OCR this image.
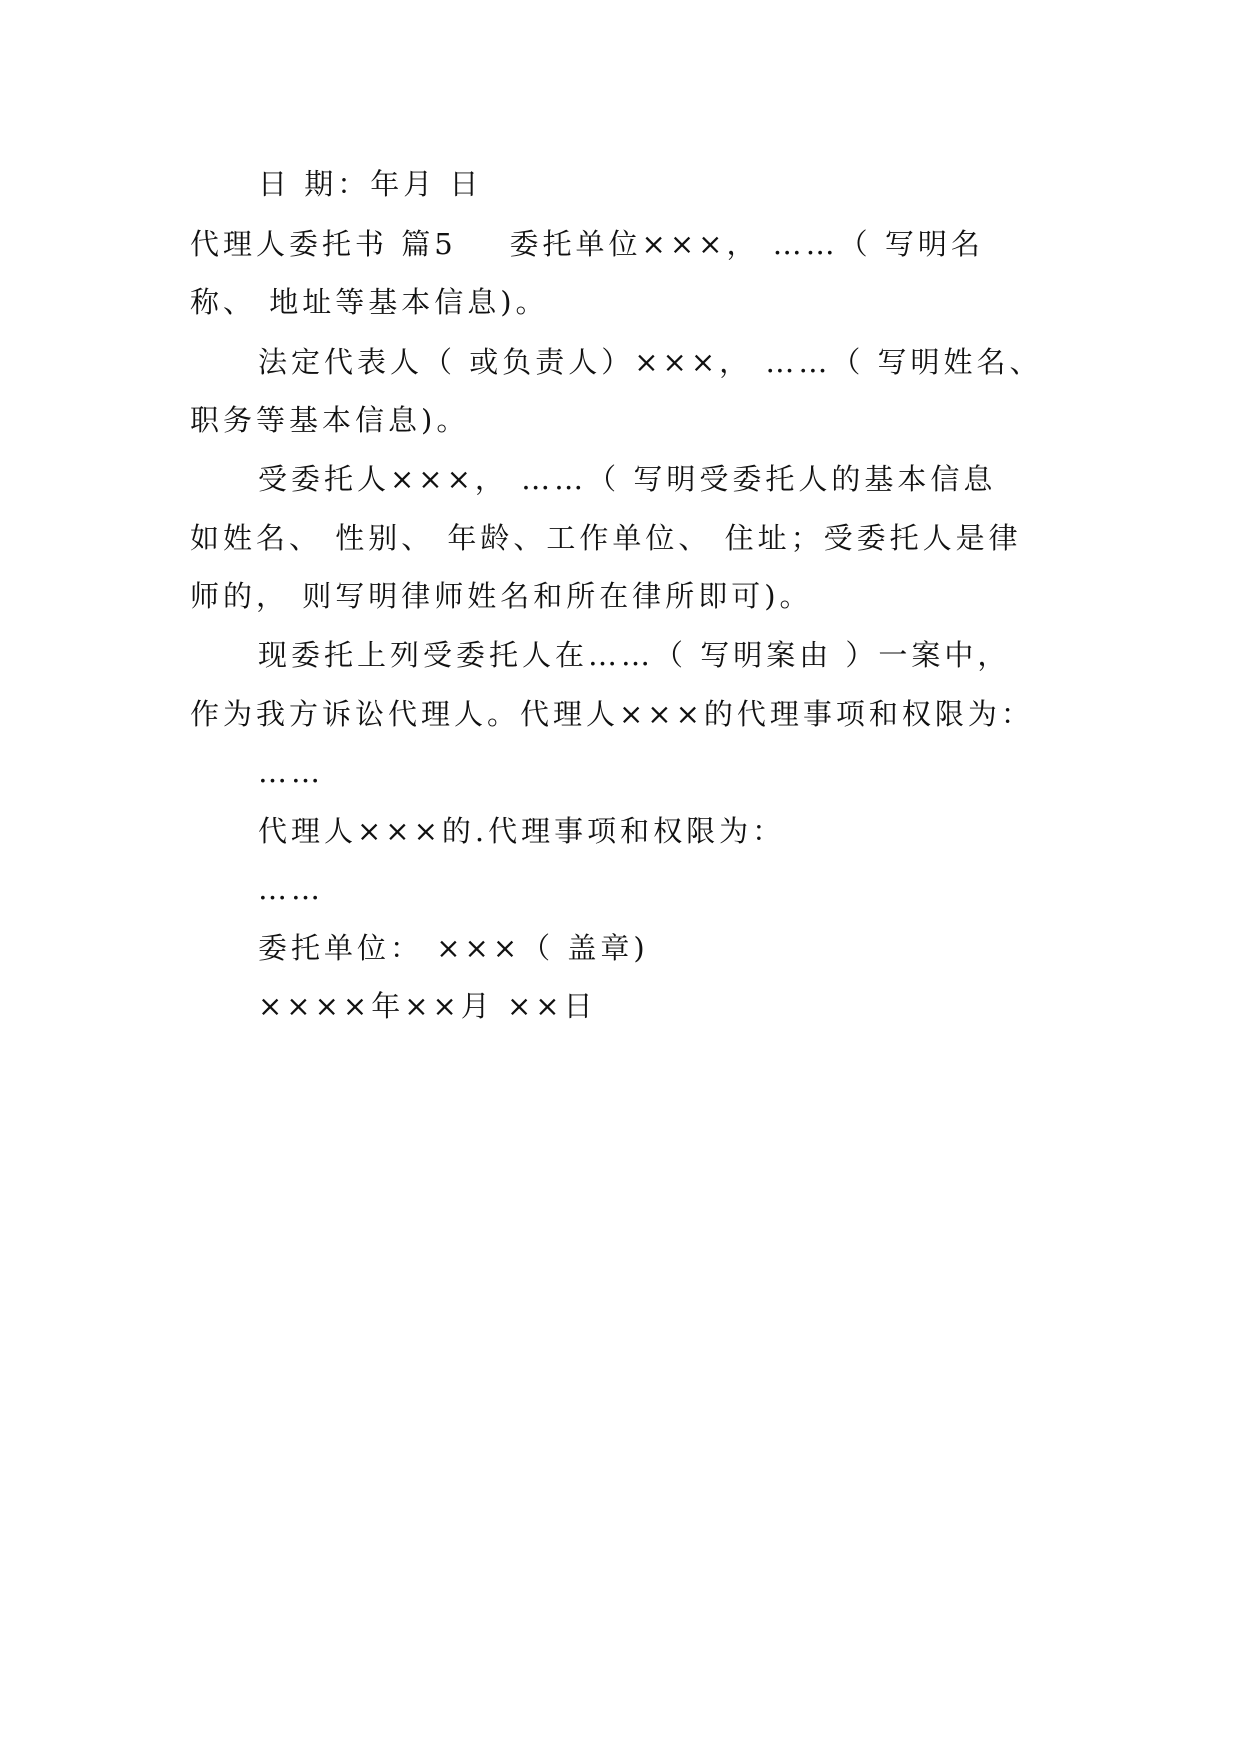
日 期：年月 日
代理人委托书 篇5    委托单位×××， ……（ 写明名
称、 地址等基本信息)。
法定代表人（ 或负责人）×××， ……（ 写明姓名、
职务等基本信息)。
受委托人×××， ……（ 写明受委托人的基本信息
如姓名、 性别、 年龄、工作单位、 住址；受委托人是律
师的， 则写明律师姓名和所在律所即可)。
现委托上列受委托人在……（ 写明案由 ）一案中，
作为我方诉讼代理人。代理人×××的代理事项和权限为：
……
代理人×××的.代理事项和权限为：
……
委托单位： ×××（ 盖章)
××××年××月 ××日
